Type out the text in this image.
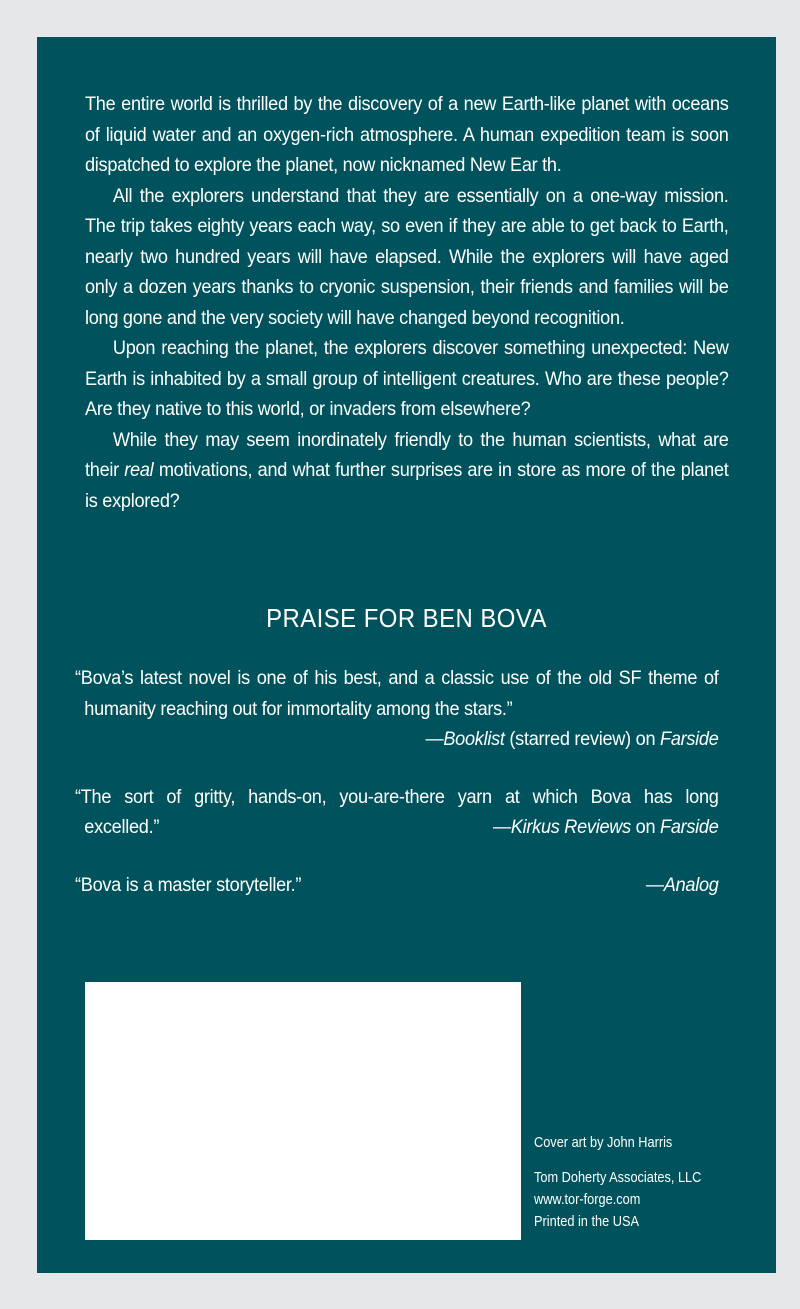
The entire world is thrilled by the discovery of a new Earth-like planet with oceans of liquid water and an oxygen-rich atmosphere. A human expedition team is soon dispatched to explore the planet, now nicknamed New Ear th.

All the explorers understand that they are essentially on a one-way mission. The trip takes eighty years each way, so even if they are able to get back to Earth, nearly two hundred years will have elapsed. While the explorers will have aged only a dozen years thanks to cryonic suspension, their friends and families will be long gone and the very society will have changed beyond recognition.

Upon reaching the planet, the explorers discover something unexpected: New Earth is inhabited by a small group of intelligent creatures. Who are these people? Are they native to this world, or invaders from elsewhere?

While they may seem inordinately friendly to the human scientists, what are their real motivations, and what further surprises are in store as more of the planet is explored?

PRAISE FOR BEN BOVA
“Bova’s latest novel is one of his best, and a classic use of the old SF theme of humanity reaching out for immortality among the stars.”
—Booklist (starred review) on Farside
“The sort of gritty, hands-on, you-are-there yarn at which Bova has long
excelled.”	—Kirkus Reviews on Farside
“Bova is a master storyteller.”	—Analog
Cover art by John Harris
Tom Doherty Associates, LLC
www.tor-forge.com
Printed in the USA
